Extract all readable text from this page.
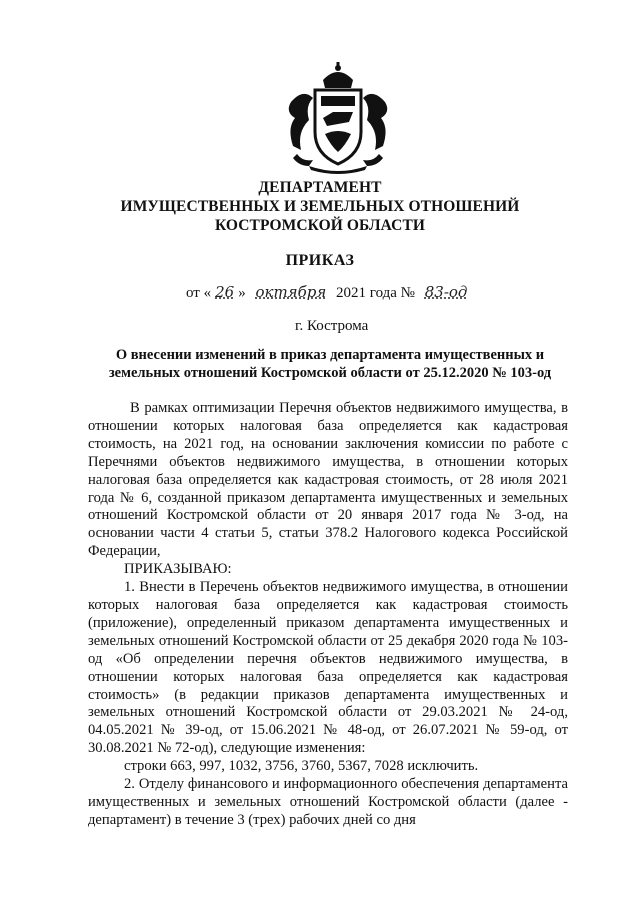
ДЕПАРТАМЕНТ
ИМУЩЕСТВЕННЫХ И ЗЕМЕЛЬНЫХ ОТНОШЕНИЙ
КОСТРОМСКОЙ ОБЛАСТИ
ПРИКАЗ
от « 26 » октября 2021 года № 83-од
г. Кострома
О внесении изменений в приказ департамента имущественных и
земельных отношений Костромской области от 25.12.2020 № 103-од

В рамках оптимизации Перечня объектов недвижимого имущества, в отношении которых налоговая база определяется как кадастровая стоимость, на 2021 год, на основании заключения комиссии по работе с Перечнями объектов недвижимого имущества, в отношении которых налоговая база определяется как кадастровая стоимость, от 28 июля 2021 года № 6, созданной приказом департамента имущественных и земельных отношений Костромской области от 20 января 2017 года № 3-од, на основании части 4 статьи 5, статьи 378.2 Налогового кодекса Российской Федерации,

ПРИКАЗЫВАЮ:

1. Внести в Перечень объектов недвижимого имущества, в отношении которых налоговая база определяется как кадастровая стоимость (приложение), определенный приказом департамента имущественных и земельных отношений Костромской области от 25 декабря 2020 года № 103-од «Об определении перечня объектов недвижимого имущества, в отношении которых налоговая база определяется как кадастровая стоимость» (в редакции приказов департамента имущественных и земельных отношений Костромской области от 29.03.2021 № 24-од, 04.05.2021 № 39-од, от 15.06.2021 № 48-од, от 26.07.2021 № 59-од, от 30.08.2021 № 72-од), следующие изменения:

строки 663, 997, 1032, 3756, 3760, 5367, 7028 исключить.

2. Отделу финансового и информационного обеспечения департамента имущественных и земельных отношений Костромской области (далее - департамент) в течение 3 (трех) рабочих дней со дня
